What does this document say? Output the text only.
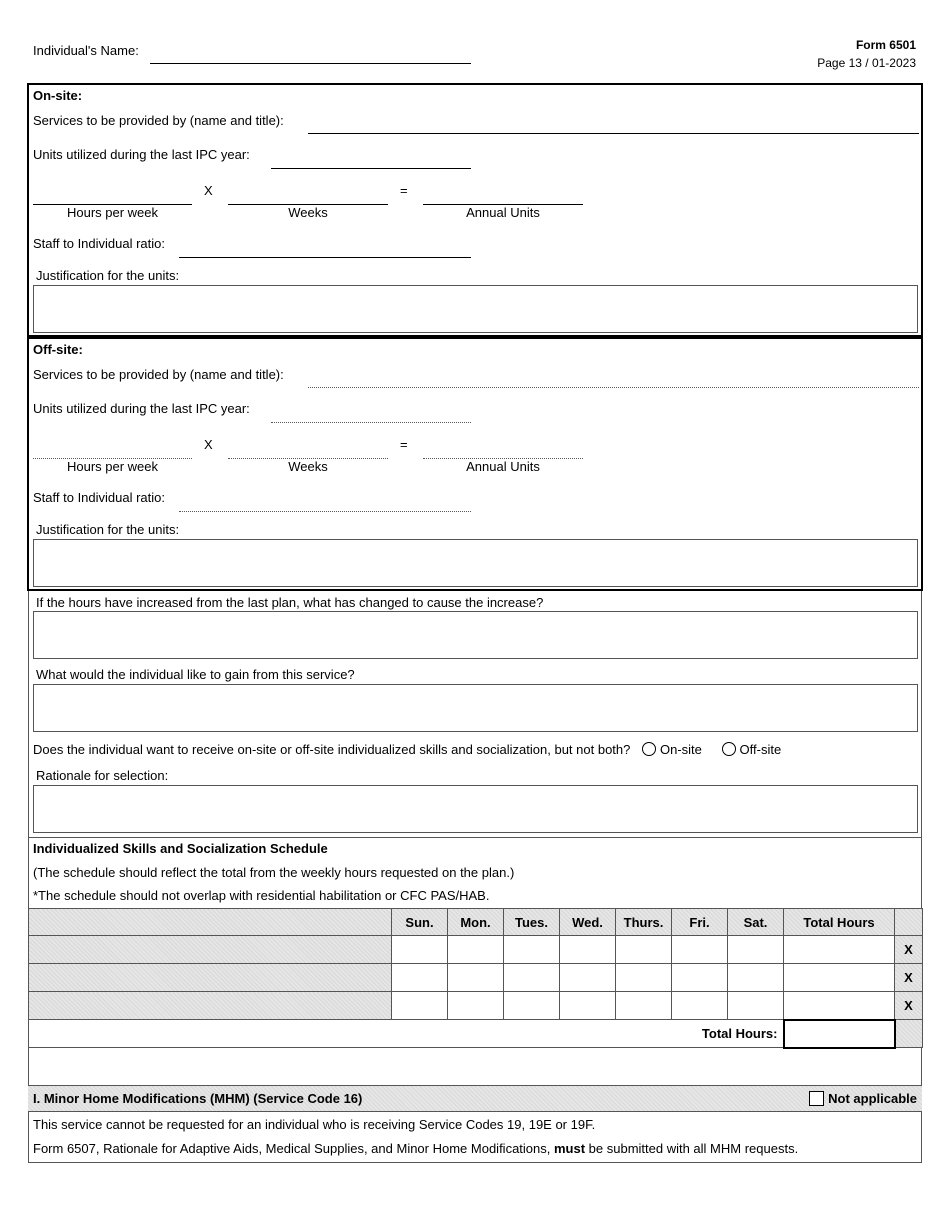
Individual's Name:	Form 6501
Page 13 / 01-2023
On-site:
Services to be provided by (name and title):
Units utilized during the last IPC year:
X	=
Hours per week	Weeks	Annual Units
Staff to Individual ratio:
Justification for the units:
Off-site:
Services to be provided by (name and title):
Units utilized during the last IPC year:
X	=
Hours per week	Weeks	Annual Units
Staff to Individual ratio:
Justification for the units:
If the hours have increased from the last plan, what has changed to cause the increase?
What would the individual like to gain from this service?
Does the individual want to receive on-site or off-site individualized skills and socialization, but not both? On-site	Off-site
Rationale for selection:
Individualized Skills and Socialization Schedule
(The schedule should reflect the total from the weekly hours requested on the plan.)
*The schedule should not overlap with residential habilitation or CFC PAS/HAB.
	Sun.	Mon.	Tues.	Wed.	Thurs.	Fri.	Sat.	Total Hours	
									X
									X
									X
Total Hours:									
I. Minor Home Modifications (MHM) (Service Code 16)	Not applicable
This service cannot be requested for an individual who is receiving Service Codes 19, 19E or 19F.
Form 6507, Rationale for Adaptive Aids, Medical Supplies, and Minor Home Modifications, must be submitted with all MHM requests.
